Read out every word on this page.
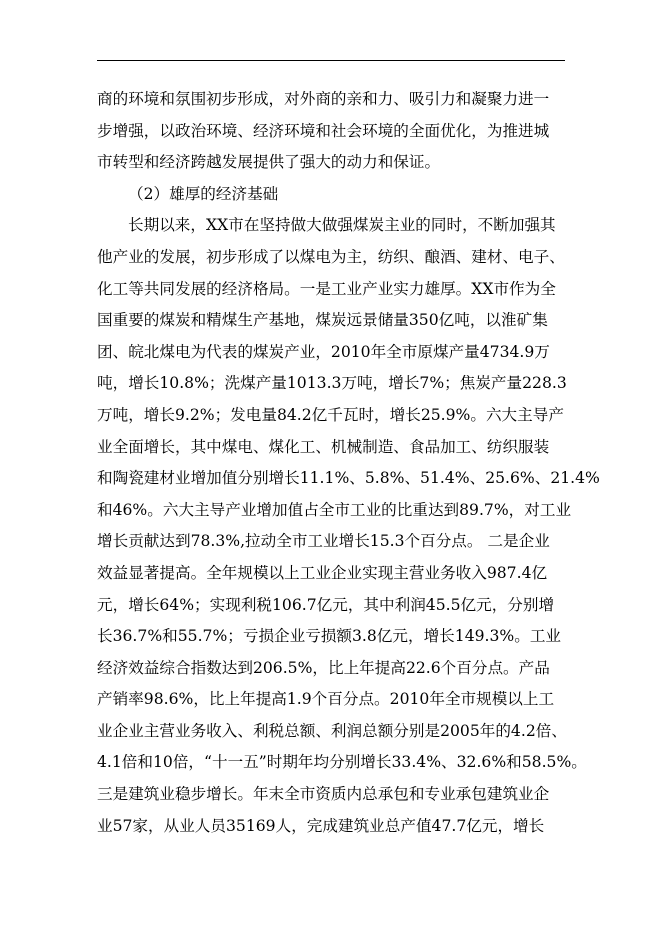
商的环境和氛围初步形成，对外商的亲和力、吸引力和凝聚力进一
步增强，以政治环境、经济环境和社会环境的全面优化，为推进城
市转型和经济跨越发展提供了强大的动力和保证。
（2）雄厚的经济基础
长期以来，XX市在坚持做大做强煤炭主业的同时，不断加强其
他产业的发展，初步形成了以煤电为主，纺织、酿酒、建材、电子、
化工等共同发展的经济格局。一是工业产业实力雄厚。XX市作为全
国重要的煤炭和精煤生产基地，煤炭远景储量350亿吨，以淮矿集
团、皖北煤电为代表的煤炭产业，2010年全市原煤产量4734.9万
吨，增长10.8%；洗煤产量1013.3万吨，增长7%；焦炭产量228.3
万吨，增长9.2%；发电量84.2亿千瓦时，增长25.9%。六大主导产
业全面增长，其中煤电、煤化工、机械制造、食品加工、纺织服装
和陶瓷建材业增加值分别增长11.1%、5.8%、51.4%、25.6%、21.4%
和46%。六大主导产业增加值占全市工业的比重达到89.7%，对工业
增长贡献达到78.3%,拉动全市工业增长15.3个百分点。 二是企业
效益显著提高。全年规模以上工业企业实现主营业务收入987.4亿
元，增长64%；实现利税106.7亿元，其中利润45.5亿元，分别增
长36.7%和55.7%；亏损企业亏损额3.8亿元，增长149.3%。工业
经济效益综合指数达到206.5%，比上年提高22.6个百分点。产品
产销率98.6%，比上年提高1.9个百分点。2010年全市规模以上工
业企业主营业务收入、利税总额、利润总额分别是2005年的4.2倍、
4.1倍和10倍，“十一五”时期年均分别增长33.4%、32.6%和58.5%。
三是建筑业稳步增长。年末全市资质内总承包和专业承包建筑业企
业57家，从业人员35169人，完成建筑业总产值47.7亿元，增长
